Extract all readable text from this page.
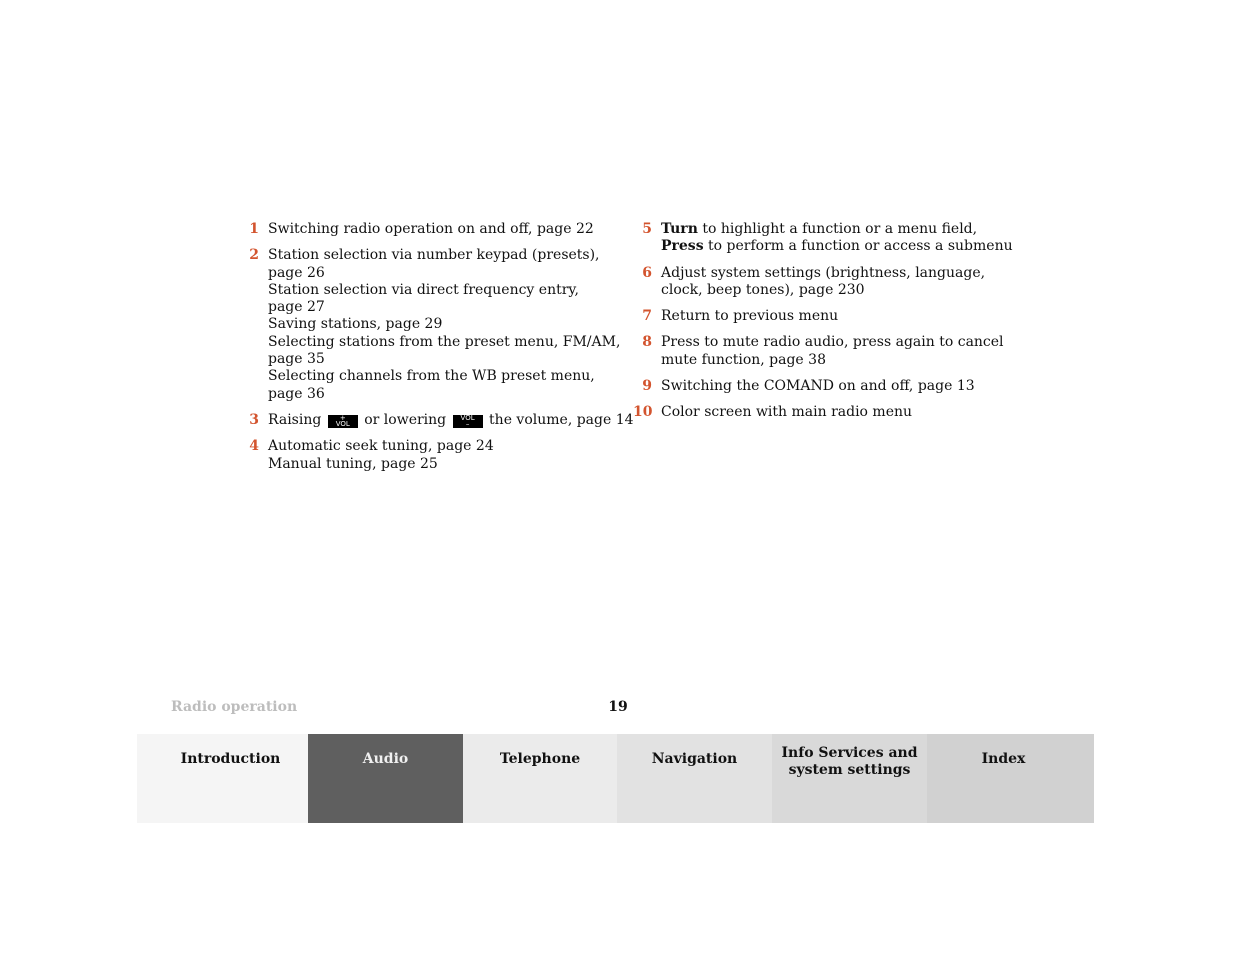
1 Switching radio operation on and off, page 22
2 Station selection via number keypad (presets),
page 26
Station selection via direct frequency entry,
page 27
Saving stations, page 29
Selecting stations from the preset menu, FM/AM,
page 35
Selecting channels from the WB preset menu,
page 36
3 Raising	+
VOL	or lowering	VOL
–	the volume, page 14
4 Automatic seek tuning, page 24
Manual tuning, page 25
5 Turn to highlight a function or a menu field,
Press to perform a function or access a submenu
6 Adjust system settings (brightness, language,
clock, beep tones), page 230
7 Return to previous menu
8 Press to mute radio audio, press again to cancel
mute function, page 38
9 Switching the COMAND on and off, page 13
10 Color screen with main radio menu
Radio operation	19
Introduction	Audio	Telephone	Navigation	Info Services and
system settings
Index
